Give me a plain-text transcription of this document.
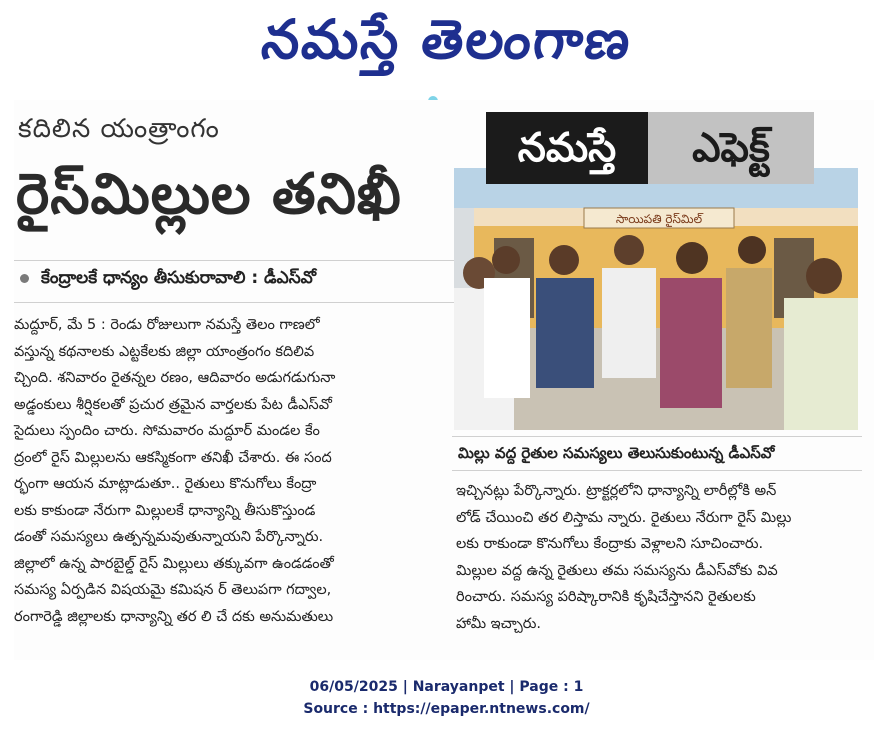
నమస్తే తెలంగాణ
కదిలిన యంత్రాంగం
రైస్‌మిల్లుల తనిఖీ
కేంద్రాలకే ధాన్యం తీసుకురావాలి : డీఎస్‌వో

మద్దూర్‌, మే 5 : రెండు రోజులుగా నమస్తే తెలం గాణలో

వస్తున్న కథనాలకు ఎట్టకేలకు జిల్లా యాంత్రంగం కదిలివ

చ్చింది. శనివారం రైతన్నల రణం, ఆదివారం అడుగడుగునా

అడ్డంకులు శీర్షికలతో ప్రచుర త్రమైన వార్తలకు పేట డీఎస్‌వో

సైదులు స్పందిం చారు. సోమవారం మద్దూర్‌ మండల కేం

ద్రంలో రైస్‌ మిల్లులను ఆకస్మికంగా తనిఖీ చేశారు. ఈ సంద

ర్భంగా ఆయన మాట్లాడుతూ.. రైతులు కొనుగోలు కేంద్రా

లకు కాకుండా నేరుగా మిల్లులకే ధాన్యాన్ని తీసుకొస్తుండ

డంతో సమస్యలు ఉత్పన్నమవుతున్నాయని పేర్కొన్నారు.

జిల్లాలో ఉన్న పారబైల్డ్‌ రైస్‌ మిల్లులు తక్కువగా ఉండడంతో

సమస్య ఏర్పడిన విషయమై కమిషన ర్‌ తెలుపగా గద్వాల,

రంగారెడ్డి జిల్లాలకు ధాన్యాన్ని తర లి చే దకు అనుమతులు

సాయిపతి రైస్‌మిల్‌
నమస్తే	ఎఫెక్ట్‌
మిల్లు వద్ద రైతుల సమస్యలు తెలుసుకుంటున్న డీఎస్‌వో

ఇచ్చినట్లు పేర్కొన్నారు. ట్రాక్టర్లలోని ధాన్యాన్ని లారీల్లోకి అన్‌

లోడ్‌ చేయించి తర లిస్తామ న్నారు. రైతులు నేరుగా రైస్‌ మిల్లు

లకు రాకుండా కొనుగోలు కేంద్రాకు వెళ్లాలని సూచించారు.

మిల్లుల వద్ద ఉన్న రైతులు తమ సమస్యను డీఎస్‌వోకు వివ

రించారు. సమస్య పరిష్కారానికి కృషిచేస్తానని రైతులకు

హామీ ఇచ్చారు.

06/05/2025 | Narayanpet | Page : 1
Source : https://epaper.ntnews.com/
